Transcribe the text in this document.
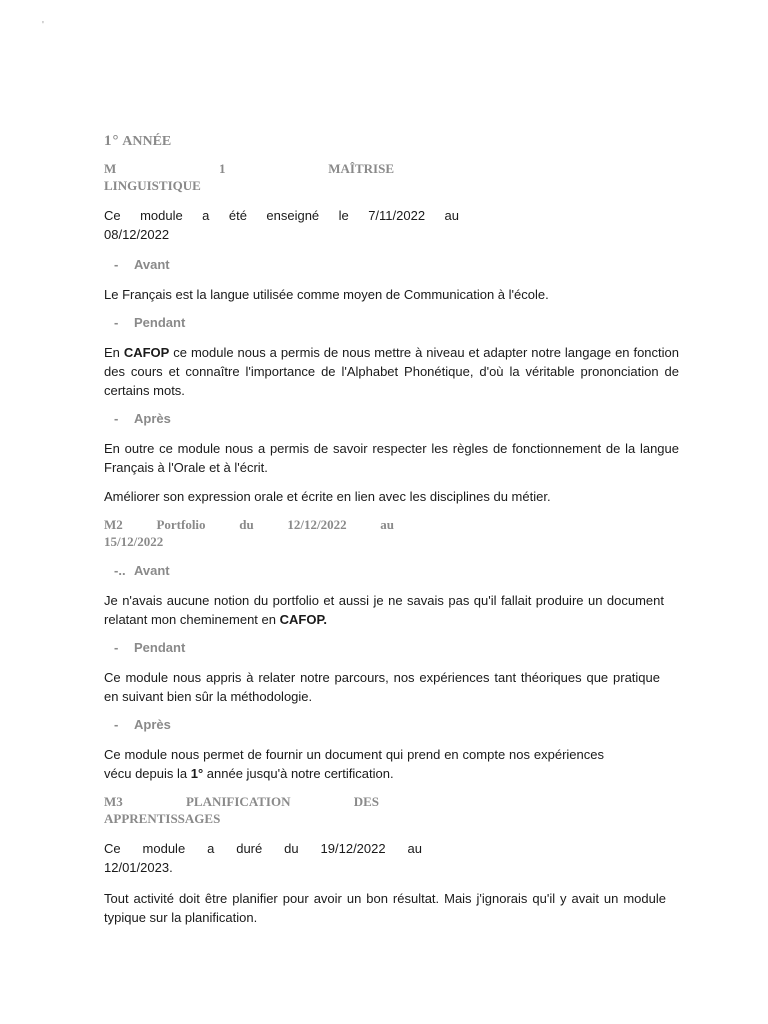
'
1° ANNÉE
M	1	MAÎTRISE
LINGUISTIQUE
Ce module a été enseigné le 7/11/2022 au
08/12/2022
- Avant

Le Français est la langue utilisée comme moyen de Communication à l'école.

- Pendant

En CAFOP ce module nous a permis de nous mettre à niveau et adapter notre langage en fonction des cours et connaître l'importance de l'Alphabet Phonétique, d'où la véritable prononciation de certains mots.

- Après

En outre ce module nous a permis de savoir respecter les règles de fonctionnement de la langue Français à l'Orale et à l'écrit.

Améliorer son expression orale et écrite en lien avec les disciplines du métier.

M2	Portfolio	du	12/12/2022	au
15/12/2022
-.. Avant

Je n'avais aucune notion du portfolio et aussi je ne savais pas qu'il fallait produire un document relatant mon cheminement en CAFOP.

- Pendant

Ce module nous appris à relater notre parcours, nos expériences tant théoriques que pratique en suivant bien sûr la méthodologie.

- Après

Ce module nous permet de fournir un document qui prend en compte nos expériences vécu depuis la 1° année jusqu'à notre certification.

M3	PLANIFICATION	DES
APPRENTISSAGES
Ce module a duré du 19/12/2022 au
12/01/2023.

Tout activité doit être planifier pour avoir un bon résultat. Mais j'ignorais qu'il y avait un module typique sur la planification.
